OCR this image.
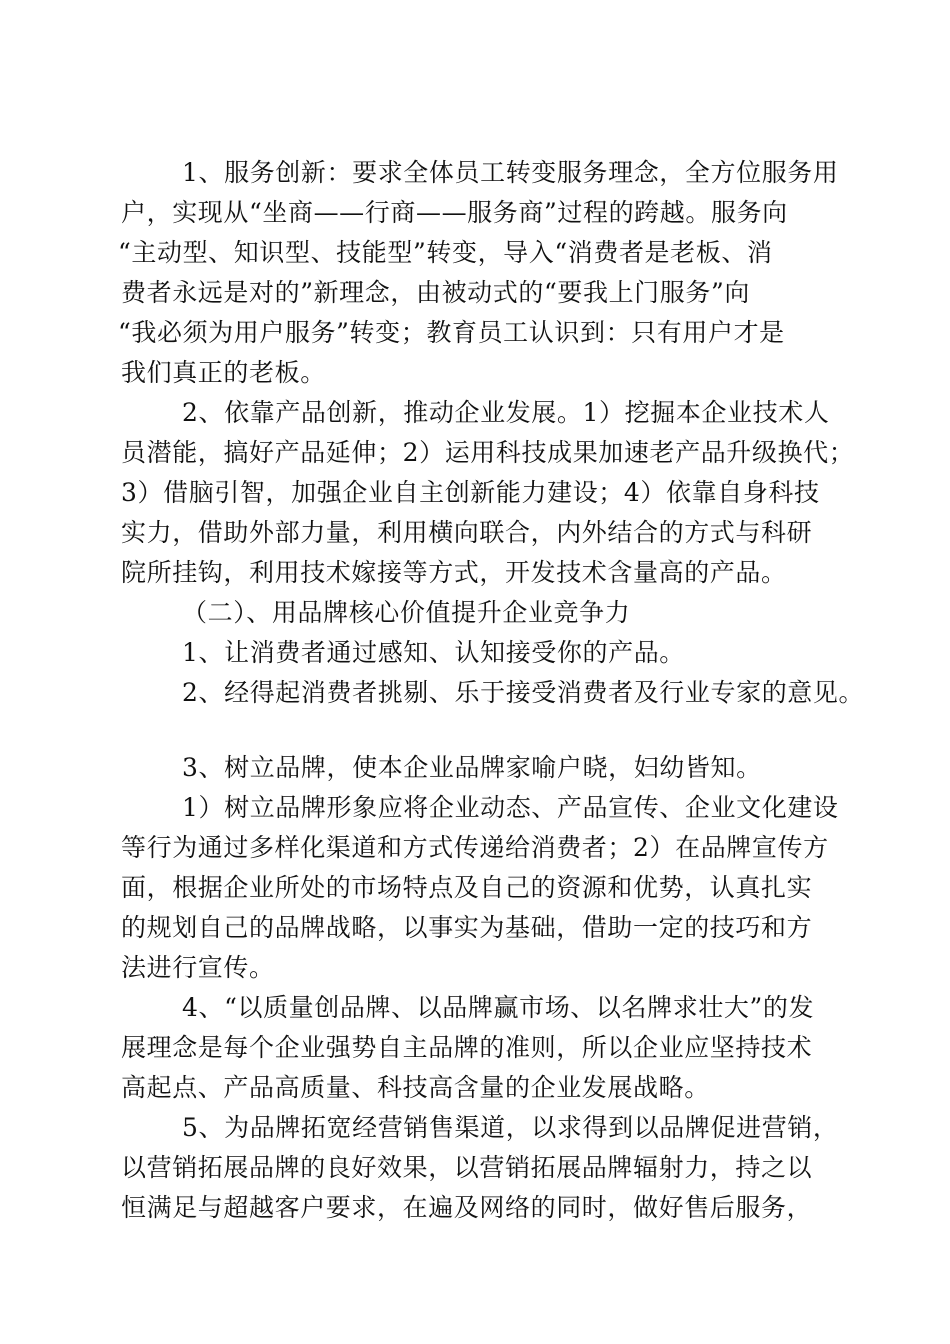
1、服务创新：要求全体员工转变服务理念，全方位服务用

户，实现从“坐商——行商——服务商”过程的跨越。服务向

“主动型、知识型、技能型”转变，导入“消费者是老板、消

费者永远是对的”新理念，由被动式的“要我上门服务”向

“我必须为用户服务”转变；教育员工认识到：只有用户才是

我们真正的老板。

2、依靠产品创新，推动企业发展。1）挖掘本企业技术人

员潜能，搞好产品延伸；2）运用科技成果加速老产品升级换代；

3）借脑引智，加强企业自主创新能力建设；4）依靠自身科技

实力，借助外部力量，利用横向联合，内外结合的方式与科研

院所挂钩，利用技术嫁接等方式，开发技术含量高的产品。

（二）、用品牌核心价值提升企业竞争力

1、让消费者通过感知、认知接受你的产品。

2、经得起消费者挑剔、乐于接受消费者及行业专家的意见。

3、树立品牌，使本企业品牌家喻户晓，妇幼皆知。

1）树立品牌形象应将企业动态、产品宣传、企业文化建设

等行为通过多样化渠道和方式传递给消费者；2）在品牌宣传方

面，根据企业所处的市场特点及自己的资源和优势，认真扎实

的规划自己的品牌战略，以事实为基础，借助一定的技巧和方

法进行宣传。

4、“以质量创品牌、以品牌赢市场、以名牌求壮大”的发

展理念是每个企业强势自主品牌的准则，所以企业应坚持技术

高起点、产品高质量、科技高含量的企业发展战略。

5、为品牌拓宽经营销售渠道，以求得到以品牌促进营销，

以营销拓展品牌的良好效果，以营销拓展品牌辐射力，持之以

恒满足与超越客户要求，在遍及网络的同时，做好售后服务，
